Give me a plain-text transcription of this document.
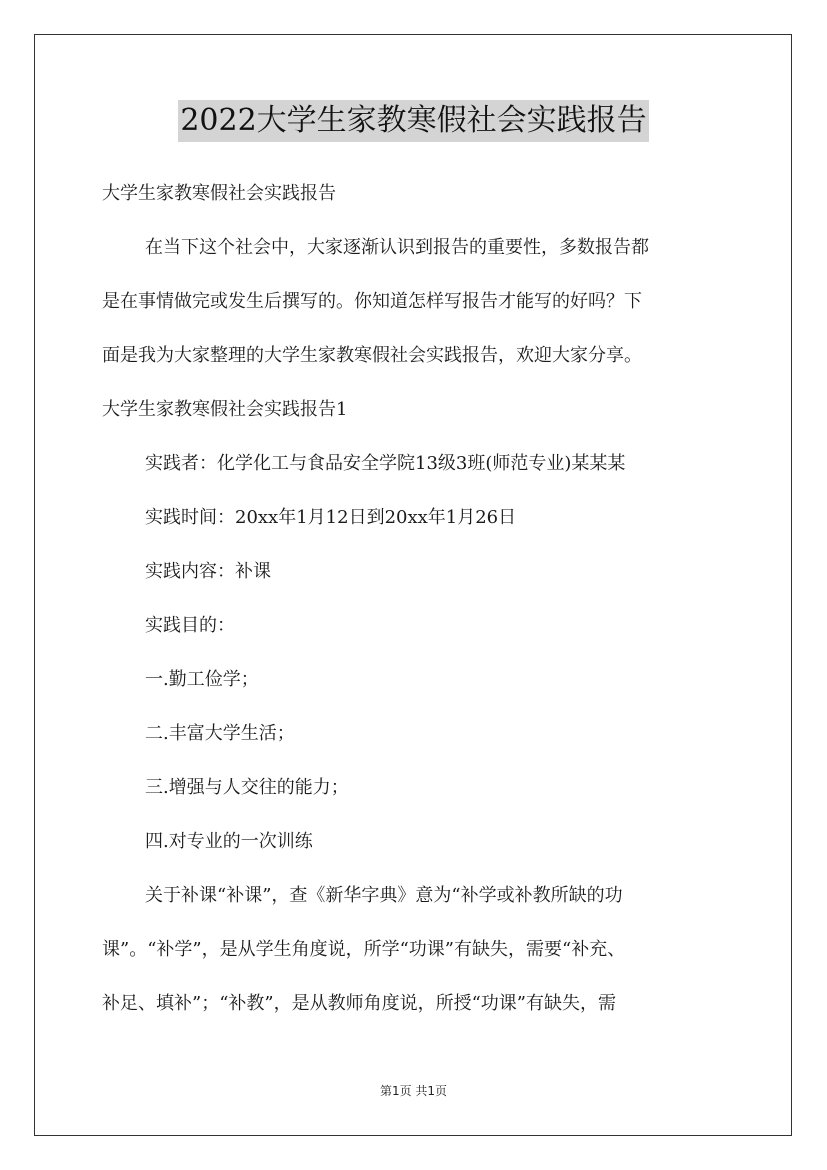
2022大学生家教寒假社会实践报告
大学生家教寒假社会实践报告
在当下这个社会中，大家逐渐认识到报告的重要性，多数报告都
是在事情做完或发生后撰写的。你知道怎样写报告才能写的好吗？下
面是我为大家整理的大学生家教寒假社会实践报告，欢迎大家分享。
大学生家教寒假社会实践报告1
实践者：化学化工与食品安全学院13级3班(师范专业)某某某
实践时间：20xx年1月12日到20xx年1月26日
实践内容：补课
实践目的：
一.勤工俭学；
二.丰富大学生活；
三.增强与人交往的能力；
四.对专业的一次训练
关于补课“补课”，查《新华字典》意为“补学或补教所缺的功
课”。“补学”，是从学生角度说，所学“功课”有缺失，需要“补充、
补足、填补”；“补教”，是从教师角度说，所授“功课”有缺失，需
第1页 共1页
